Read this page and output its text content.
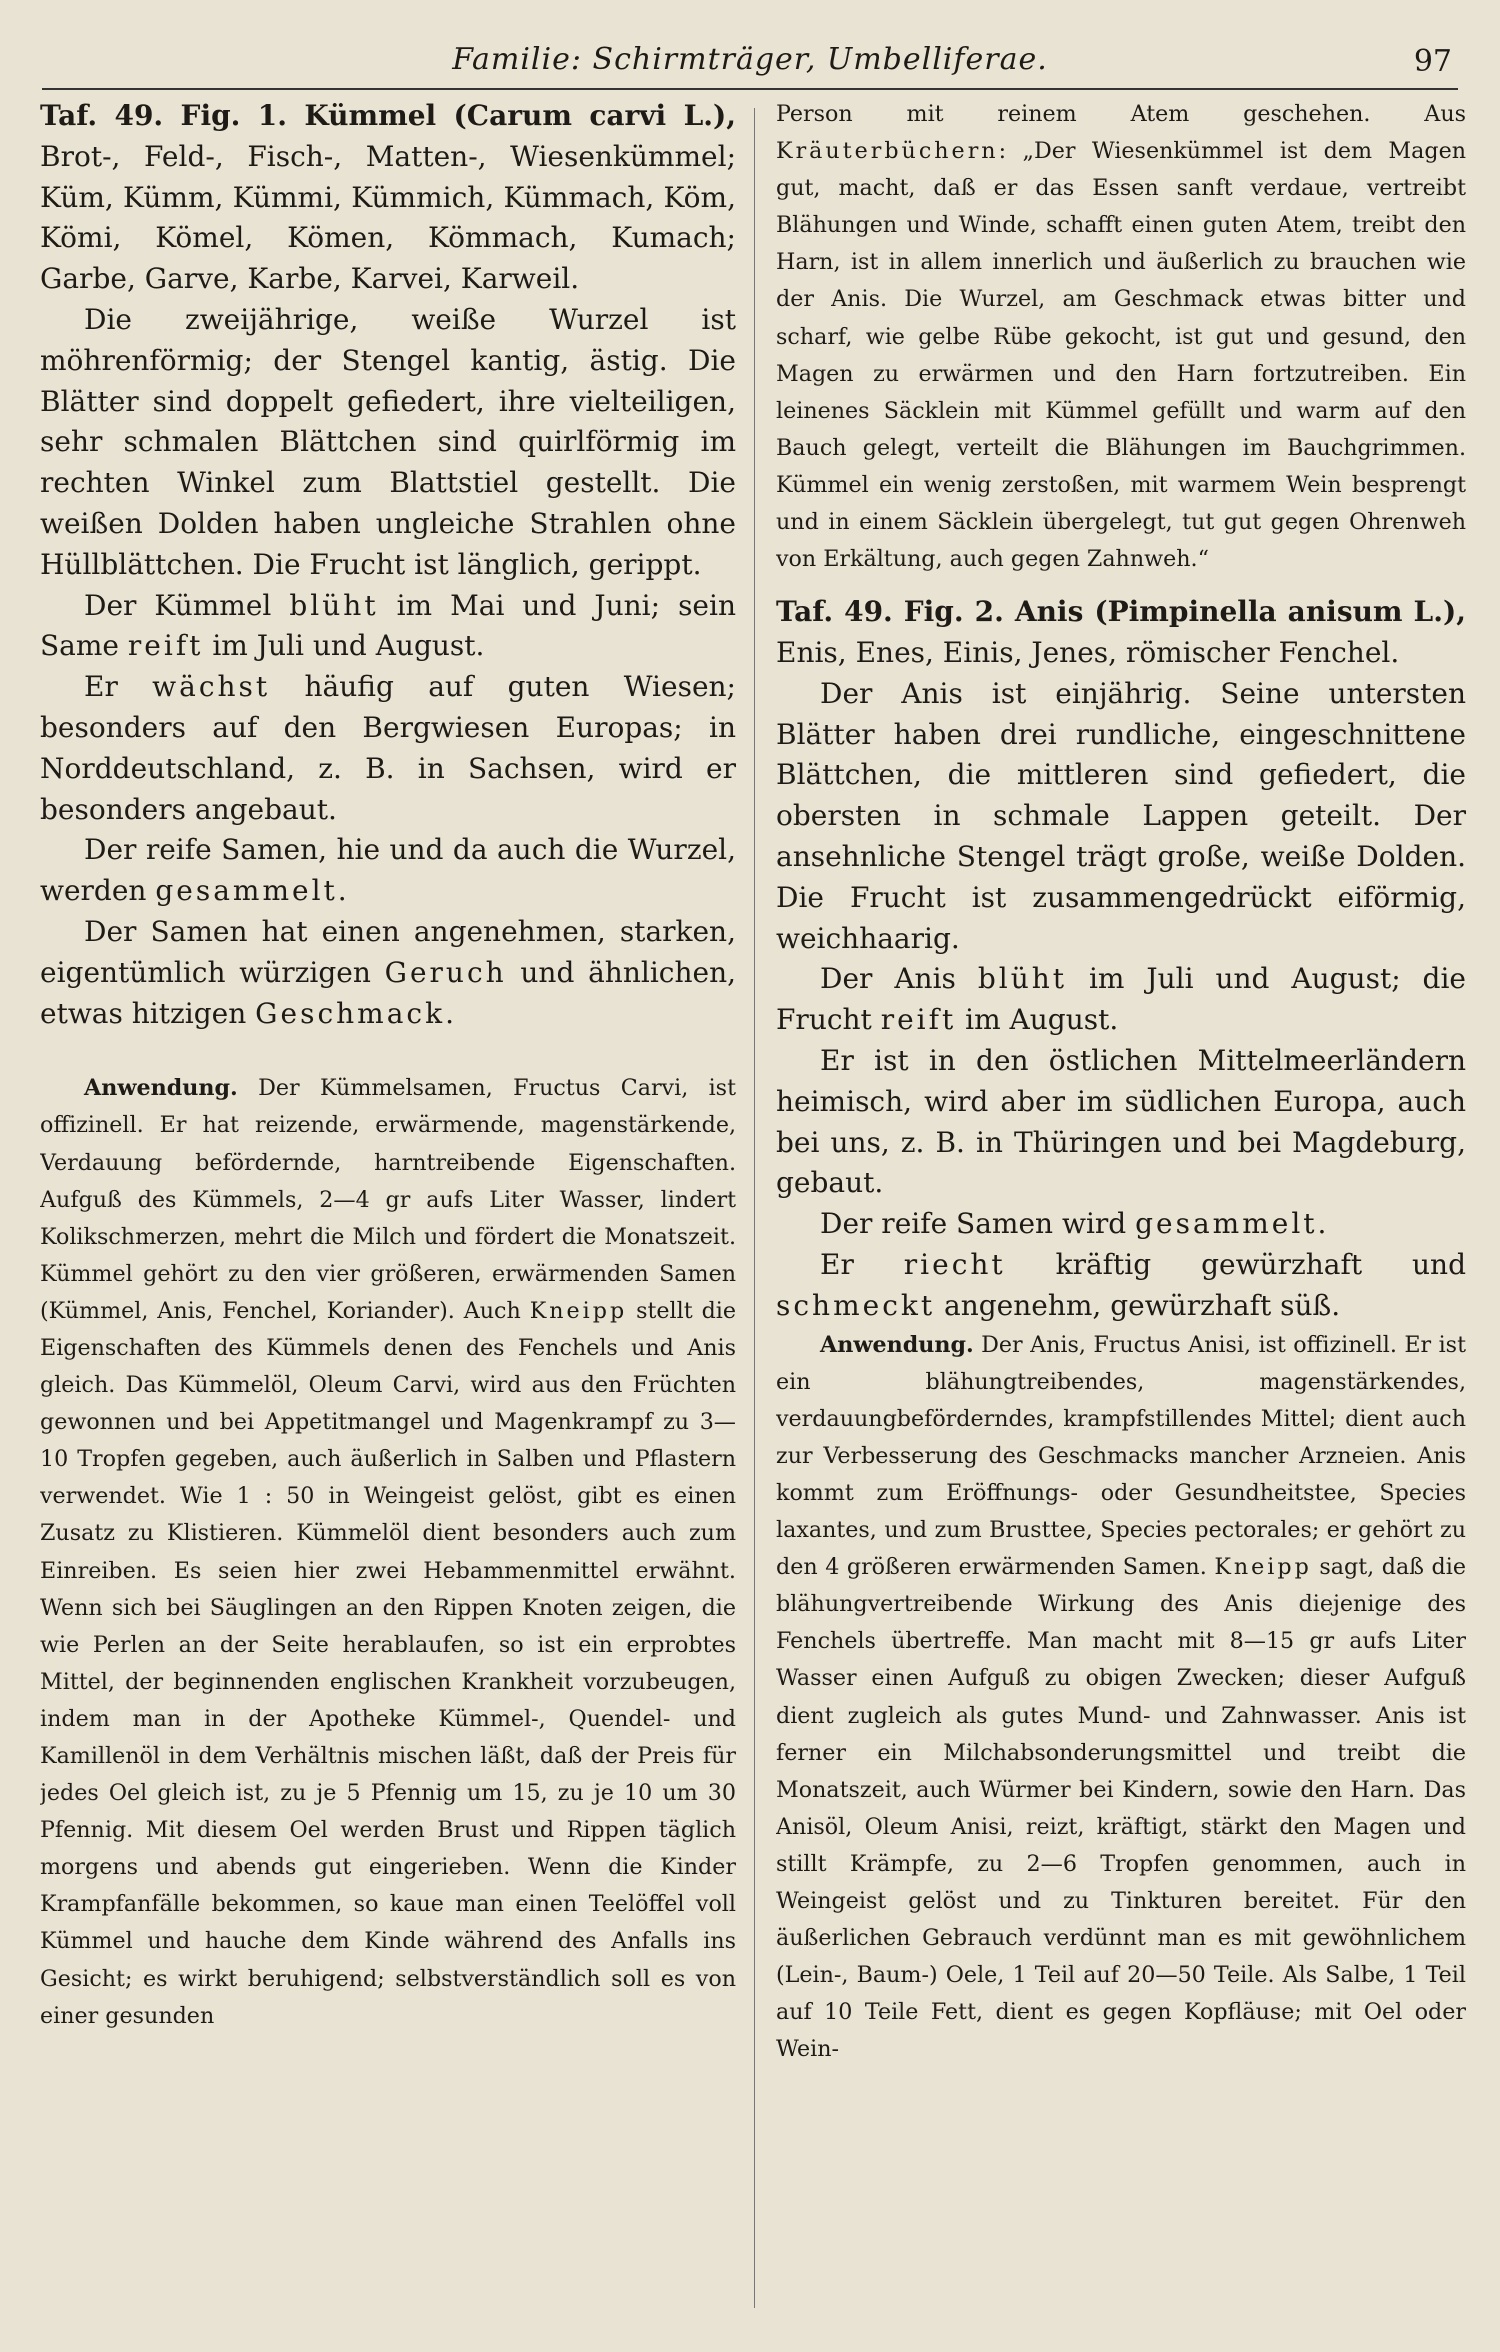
Familie: Schirmträger, Umbelliferae.	97

Taf. 49. Fig. 1. Kümmel (Carum carvi L.), Brot-, Feld-, Fisch-, Matten-, Wiesenkümmel; Küm, Kümm, Kümmi, Kümmich, Kümmach, Köm, Kömi, Kömel, Kömen, Kömmach, Kumach; Garbe, Garve, Karbe, Karvei, Karweil.

Die zweijährige, weiße Wurzel ist möhrenförmig; der Stengel kantig, ästig. Die Blätter sind doppelt gefiedert, ihre vielteiligen, sehr schmalen Blättchen sind quirlförmig im rechten Winkel zum Blattstiel gestellt. Die weißen Dolden haben ungleiche Strahlen ohne Hüllblättchen. Die Frucht ist länglich, gerippt.

Der Kümmel blüht im Mai und Juni; sein Same reift im Juli und August.

Er wächst häufig auf guten Wiesen; besonders auf den Bergwiesen Europas; in Norddeutschland, z. B. in Sachsen, wird er besonders angebaut.

Der reife Samen, hie und da auch die Wurzel, werden gesammelt.

Der Samen hat einen angenehmen, starken, eigentümlich würzigen Geruch und ähnlichen, etwas hitzigen Geschmack.

Anwendung. Der Kümmelsamen, Fructus Carvi, ist offizinell. Er hat reizende, erwärmende, magenstärkende, Verdauung befördernde, harntreibende Eigenschaften. Aufguß des Kümmels, 2—4 gr aufs Liter Wasser, lindert Kolikschmerzen, mehrt die Milch und fördert die Monatszeit. Kümmel gehört zu den vier größeren, erwärmenden Samen (Kümmel, Anis, Fenchel, Koriander). Auch Kneipp stellt die Eigenschaften des Kümmels denen des Fenchels und Anis gleich. Das Kümmelöl, Oleum Carvi, wird aus den Früchten gewonnen und bei Appetitmangel und Magenkrampf zu 3—10 Tropfen gegeben, auch äußerlich in Salben und Pflastern verwendet. Wie 1 : 50 in Weingeist gelöst, gibt es einen Zusatz zu Klistieren. Kümmelöl dient besonders auch zum Einreiben. Es seien hier zwei Hebammenmittel erwähnt. Wenn sich bei Säuglingen an den Rippen Knoten zeigen, die wie Perlen an der Seite herablaufen, so ist ein erprobtes Mittel, der beginnenden englischen Krankheit vorzubeugen, indem man in der Apotheke Kümmel-, Quendel- und Kamillenöl in dem Verhältnis mischen läßt, daß der Preis für jedes Oel gleich ist, zu je 5 Pfennig um 15, zu je 10 um 30 Pfennig. Mit diesem Oel werden Brust und Rippen täglich morgens und abends gut eingerieben. Wenn die Kinder Krampfanfälle bekommen, so kaue man einen Teelöffel voll Kümmel und hauche dem Kinde während des Anfalls ins Gesicht; es wirkt beruhigend; selbstverständlich soll es von einer gesunden

Person mit reinem Atem geschehen. Aus Kräuterbüchern: „Der Wiesenkümmel ist dem Magen gut, macht, daß er das Essen sanft verdaue, vertreibt Blähungen und Winde, schafft einen guten Atem, treibt den Harn, ist in allem innerlich und äußerlich zu brauchen wie der Anis. Die Wurzel, am Geschmack etwas bitter und scharf, wie gelbe Rübe gekocht, ist gut und gesund, den Magen zu erwärmen und den Harn fortzutreiben. Ein leinenes Säcklein mit Kümmel gefüllt und warm auf den Bauch gelegt, verteilt die Blähungen im Bauchgrimmen. Kümmel ein wenig zerstoßen, mit warmem Wein besprengt und in einem Säcklein übergelegt, tut gut gegen Ohrenweh von Erkältung, auch gegen Zahnweh.“

Taf. 49. Fig. 2. Anis (Pimpinella anisum L.), Enis, Enes, Einis, Jenes, römischer Fenchel.

Der Anis ist einjährig. Seine untersten Blätter haben drei rundliche, eingeschnittene Blättchen, die mittleren sind gefiedert, die obersten in schmale Lappen geteilt. Der ansehnliche Stengel trägt große, weiße Dolden. Die Frucht ist zusammengedrückt eiförmig, weichhaarig.

Der Anis blüht im Juli und August; die Frucht reift im August.

Er ist in den östlichen Mittelmeerländern heimisch, wird aber im südlichen Europa, auch bei uns, z. B. in Thüringen und bei Magdeburg, gebaut.

Der reife Samen wird gesammelt.

Er riecht kräftig gewürzhaft und schmeckt angenehm, gewürzhaft süß.

Anwendung. Der Anis, Fructus Anisi, ist offizinell. Er ist ein blähungtreibendes, magenstärkendes, verdauungbeförderndes, krampfstillendes Mittel; dient auch zur Verbesserung des Geschmacks mancher Arzneien. Anis kommt zum Eröffnungs- oder Gesundheitstee, Species laxantes, und zum Brusttee, Species pectorales; er gehört zu den 4 größeren erwärmenden Samen. Kneipp sagt, daß die blähungvertreibende Wirkung des Anis diejenige des Fenchels übertreffe. Man macht mit 8—15 gr aufs Liter Wasser einen Aufguß zu obigen Zwecken; dieser Aufguß dient zugleich als gutes Mund- und Zahnwasser. Anis ist ferner ein Milchabsonderungsmittel und treibt die Monatszeit, auch Würmer bei Kindern, sowie den Harn. Das Anisöl, Oleum Anisi, reizt, kräftigt, stärkt den Magen und stillt Krämpfe, zu 2—6 Tropfen genommen, auch in Weingeist gelöst und zu Tinkturen bereitet. Für den äußerlichen Gebrauch verdünnt man es mit gewöhnlichem (Lein-, Baum-) Oele, 1 Teil auf 20—50 Teile. Als Salbe, 1 Teil auf 10 Teile Fett, dient es gegen Kopfläuse; mit Oel oder Wein-
